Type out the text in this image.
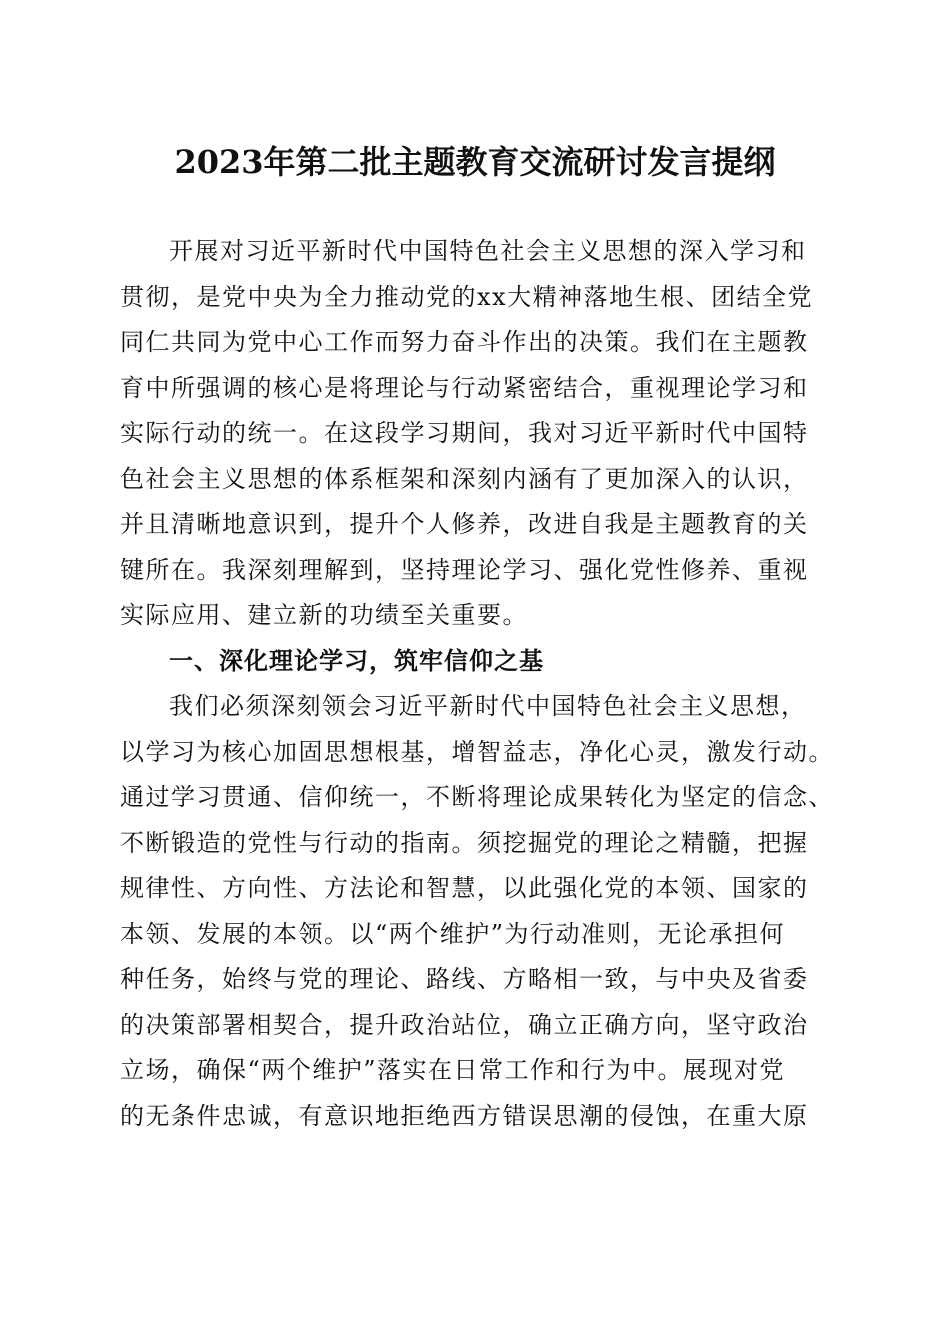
2023年第二批主题教育交流研讨发言提纲
开展对习近平新时代中国特色社会主义思想的深入学习和
贯彻，是党中央为全力推动党的xx大精神落地生根、团结全党
同仁共同为党中心工作而努力奋斗作出的决策。我们在主题教
育中所强调的核心是将理论与行动紧密结合，重视理论学习和
实际行动的统一。在这段学习期间，我对习近平新时代中国特
色社会主义思想的体系框架和深刻内涵有了更加深入的认识，
并且清晰地意识到，提升个人修养，改进自我是主题教育的关
键所在。我深刻理解到，坚持理论学习、强化党性修养、重视
实际应用、建立新的功绩至关重要。
一、深化理论学习，筑牢信仰之基
我们必须深刻领会习近平新时代中国特色社会主义思想，
以学习为核心加固思想根基，增智益志，净化心灵，激发行动。
通过学习贯通、信仰统一，不断将理论成果转化为坚定的信念、
不断锻造的党性与行动的指南。须挖掘党的理论之精髓，把握
规律性、方向性、方法论和智慧，以此强化党的本领、国家的
本领、发展的本领。以“两个维护”为行动准则，无论承担何
种任务，始终与党的理论、路线、方略相一致，与中央及省委
的决策部署相契合，提升政治站位，确立正确方向，坚守政治
立场，确保“两个维护”落实在日常工作和行为中。展现对党
的无条件忠诚，有意识地拒绝西方错误思潮的侵蚀，在重大原
